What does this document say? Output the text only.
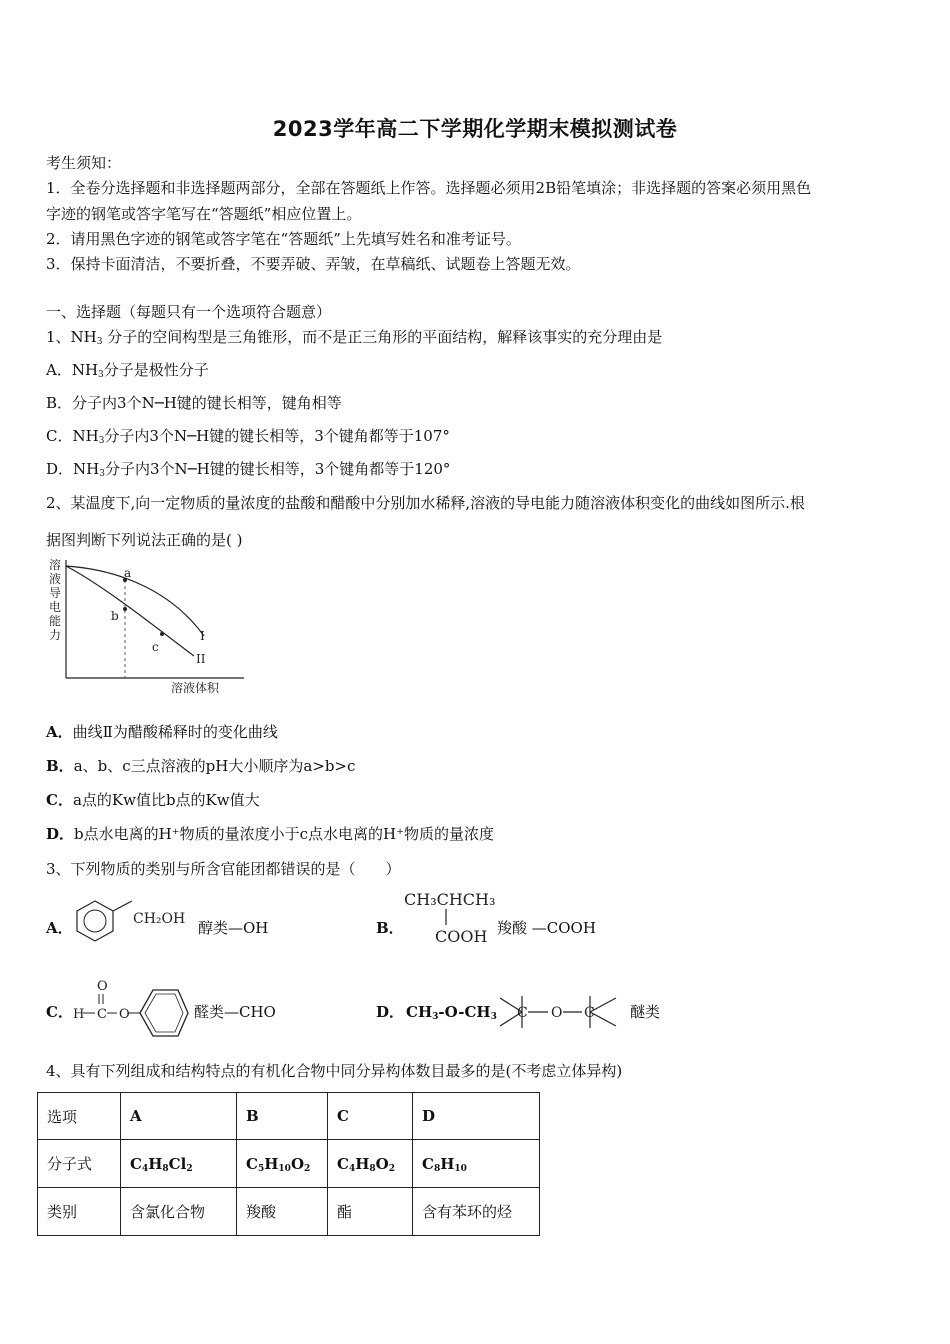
2023学年高二下学期化学期末模拟测试卷
考生须知：
1．全卷分选择题和非选择题两部分，全部在答题纸上作答。选择题必须用2B铅笔填涂；非选择题的答案必须用黑色
字迹的钢笔或答字笔写在“答题纸”相应位置上。
2．请用黑色字迹的钢笔或答字笔在“答题纸”上先填写姓名和准考证号。
3．保持卡面清洁，不要折叠，不要弄破、弄皱，在草稿纸、试题卷上答题无效。
一、选择题（每题只有一个选项符合题意）
1、$NH_3$ 分子的空间构型是三角锥形，而不是正三角形的平面结构，解释该事实的充分理由是
A．$NH_3$分子是极性分子
B．分子内3个N─H键的键长相等，键角相等
C．$NH_3$分子内3个N─H键的键长相等，3个键角都等于107°
D．$NH_3$分子内3个N─H键的键长相等，3个键角都等于120°
2、某温度下,向一定物质的量浓度的盐酸和醋酸中分别加水稀释,溶液的导电能力随溶液体积变化的曲线如图所示.根
据图判断下列说法正确的是( )
溶
液
导
电
能
力
a
b
c
I
II
溶液体积
A．曲线Ⅱ为醋酸稀释时的变化曲线
B．a、b、c三点溶液的pH大小顺序为a>b>c
C．a点的Kw值比b点的Kw值大
D．b点水电离的H⁺物质的量浓度小于c点水电离的H⁺物质的量浓度
3、下列物质的类别与所含官能团都错误的是（　　）
A．	CH₂OH 醇类—OH	B．
CH₃CHCH₃
COOH 羧酸 —COOH
C． H C
O
O	醛类—CHO	D． $CH_3-O-CH_3$ C O C 醚类
4、具有下列组成和结构特点的有机化合物中同分异构体数目最多的是(不考虑立体异构)
选项	A	B	C	D
分子式	$C_4H_8Cl_2$	$C_5H_{10}O_2$	$C_4H_8O_2$	$C_8H_{10}$
类别	含氯化合物	羧酸	酯	含有苯环的烃
